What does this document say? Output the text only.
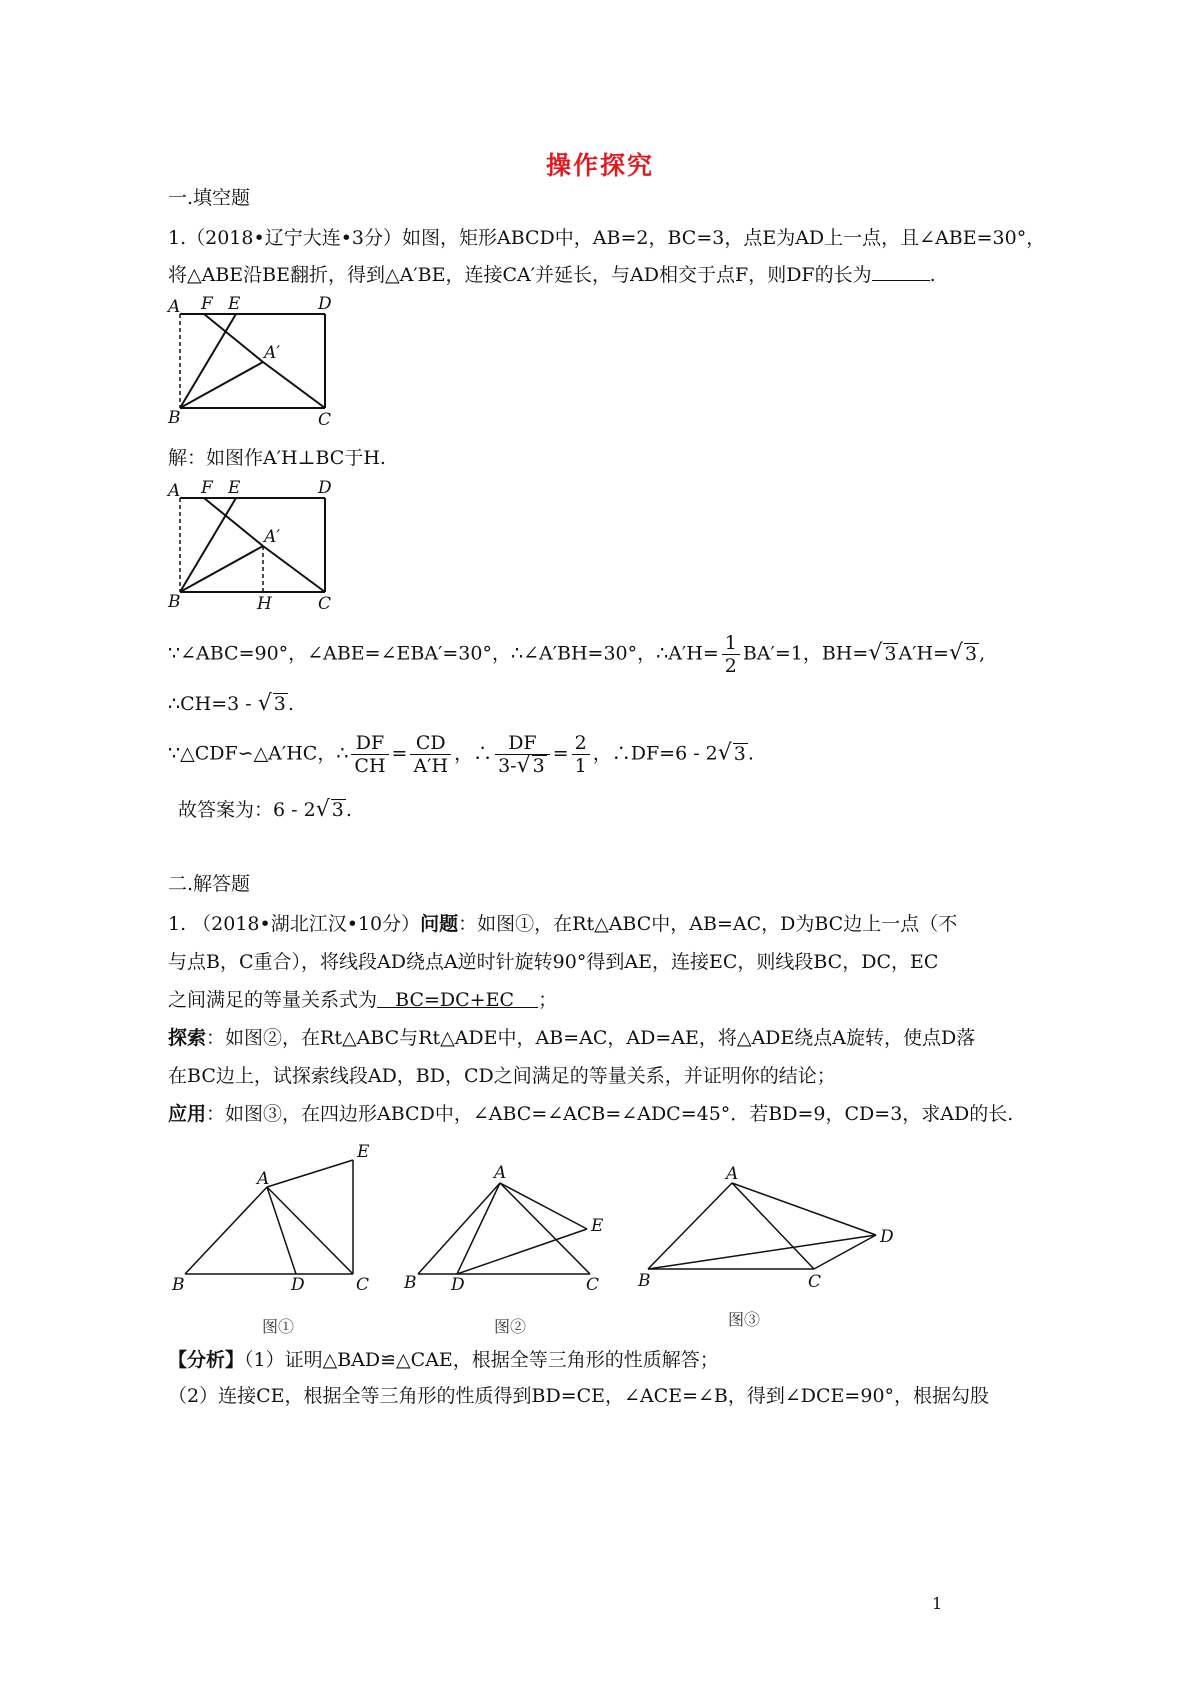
操作探究
一.填空题
1.（2018•辽宁大连•3分）如图，矩形ABCD中，AB=2，BC=3，点E为AD上一点，且∠ABE=30°，
将△ABE沿BE翻折，得到△A′BE，连接CA′并延长，与AD相交于点F，则DF的长为	.
A F E	D
A′
B	C
解：如图作A′H⊥BC于H.
A F E	D
A′
B	H	C
∵∠ABC=90°，∠ABE=∠EBA′=30°，∴∠A′BH=30°，∴A′H= $\frac{1}{2} BA'=1$，BH=√ 3 A′H=√ 3 ,
∴CH=3 - √ 3 .
∵△CDF∽△A′HC，∴ $\frac{DF}{CH} = \frac{CD}{A'H}$ ，∴ $\frac{DF}{3-√ 3} = \frac{2}{1}$ ，∴DF=6 - 2√ 3 .
故答案为：6 - 2√ 3 .
二.解答题
1. （2018•湖北江汉•10分）问题：如图①，在Rt△ABC中，AB=AC，D为BC边上一点（不
与点B，C重合），将线段AD绕点A逆时针旋转90°得到AE，连接EC，则线段BC，DC，EC
之间满足的等量关系式为   BC=DC+EC    ；
探索：如图②，在Rt△ABC与Rt△ADE中，AB=AC，AD=AE，将△ADE绕点A旋转，使点D落
在BC边上，试探索线段AD，BD，CD之间满足的等量关系，并证明你的结论；
应用：如图③，在四边形ABCD中，∠ABC=∠ACB=∠ADC=45°．若BD=9，CD=3，求AD的长.
A
E
B	D	C
图①
A
E
B D	C
图②
A
D
B	C
图③
【分析】（1）证明△BAD≌△CAE，根据全等三角形的性质解答；
（2）连接CE，根据全等三角形的性质得到BD=CE，∠ACE=∠B，得到∠DCE=90°，根据勾股
1
